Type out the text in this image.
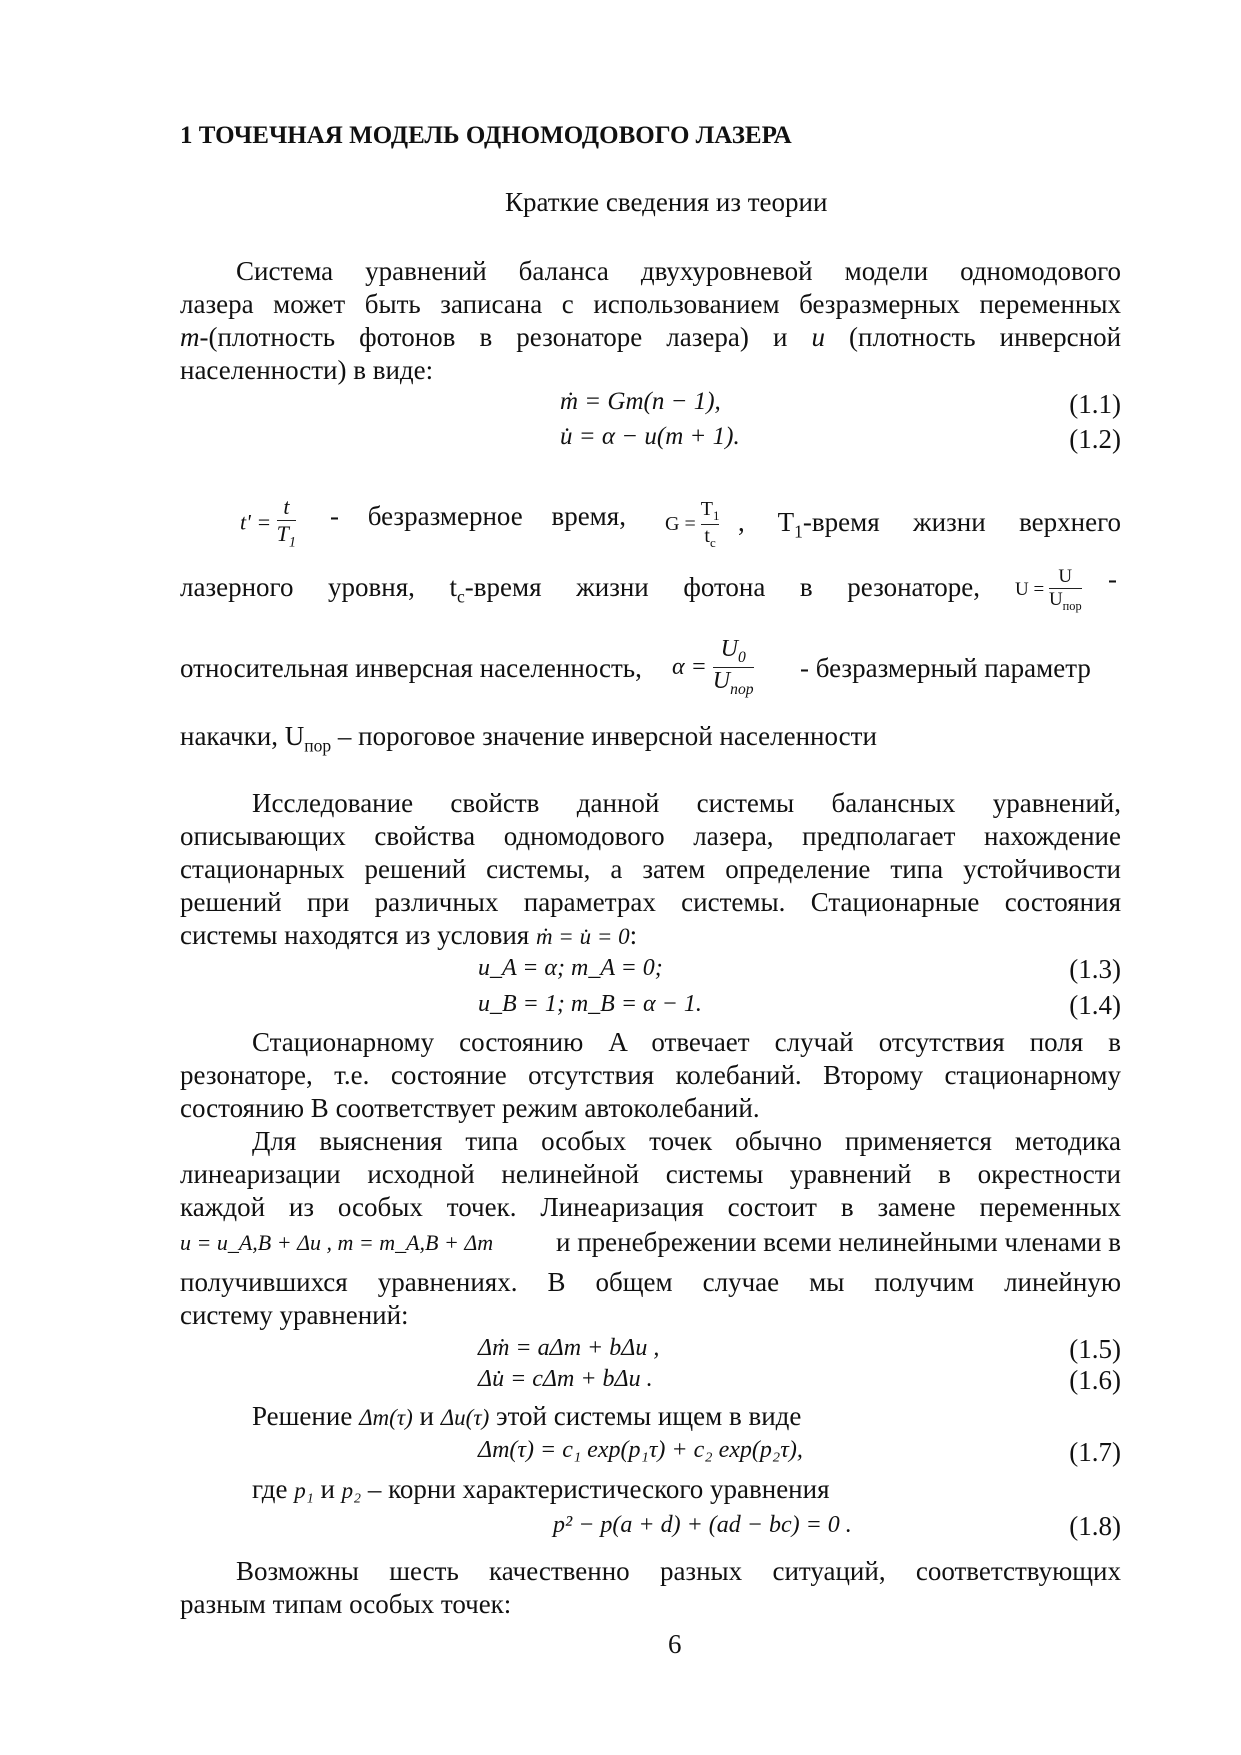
1 ТОЧЕЧНАЯ МОДЕЛЬ ОДНОМОДОВОГО ЛАЗЕРА
Краткие сведения из теории
Система уравнений баланса двухуровневой модели одномодового
лазера может быть записана с использованием безразмерных переменных
m-(плотность фотонов в резонаторе лазера) и u (плотность инверсной
населенности) в виде:
ṁ = Gm(n − 1),	(1.1)
u̇ = α − u(m + 1).	(1.2)
$t' = \frac{t}{T_1}$ - безразмерное время, $G = \frac{T_1}{t_c}$ , $T_1$-время жизни верхнего
лазерного уровня, $t_c$-время жизни фотона в резонаторе, $U = \frac{U}{U_{пор}}$ -
относительная инверсная населенность, $\alpha = \frac{U_0}{U_{пор}}$ - безразмерный параметр
накачки, $U_{пор}$ – пороговое значение инверсной населенности
Исследование свойств данной системы балансных уравнений,
описывающих свойства одномодового лазера, предполагает нахождение
стационарных решений системы, а затем определение типа устойчивости
решений при различных параметрах системы. Стационарные состояния
системы находятся из условия ṁ = u̇ = 0:
u_A = α; m_A = 0;	(1.3)
u_B = 1; m_B = α − 1.	(1.4)
Стационарному состоянию A отвечает случай отсутствия поля в
резонаторе, т.е. состояние отсутствия колебаний. Второму стационарному
состоянию B соответствует режим автоколебаний.
Для выяснения типа особых точек обычно применяется методика
линеаризации исходной нелинейной системы уравнений в окрестности
каждой из особых точек. Линеаризация состоит в замене переменных
u = u_A,B + Δu , m = m_A,B + Δm и пренебрежении всеми нелинейными членами в
получившихся уравнениях. В общем случае мы получим линейную
систему уравнений:
Δṁ = aΔm + bΔu ,	(1.5)
Δu̇ = cΔm + bΔu .	(1.6)
Решение Δm(τ) и Δu(τ) этой системы ищем в виде
Δm(τ) = c₁ exp(p₁τ) + c₂ exp(p₂τ),	(1.7)
где p₁ и p₂ – корни характеристического уравнения
p² − p(a + d) + (ad − bc) = 0 .	(1.8)
Возможны шесть качественно разных ситуаций, соответствующих
разным типам особых точек:
6
